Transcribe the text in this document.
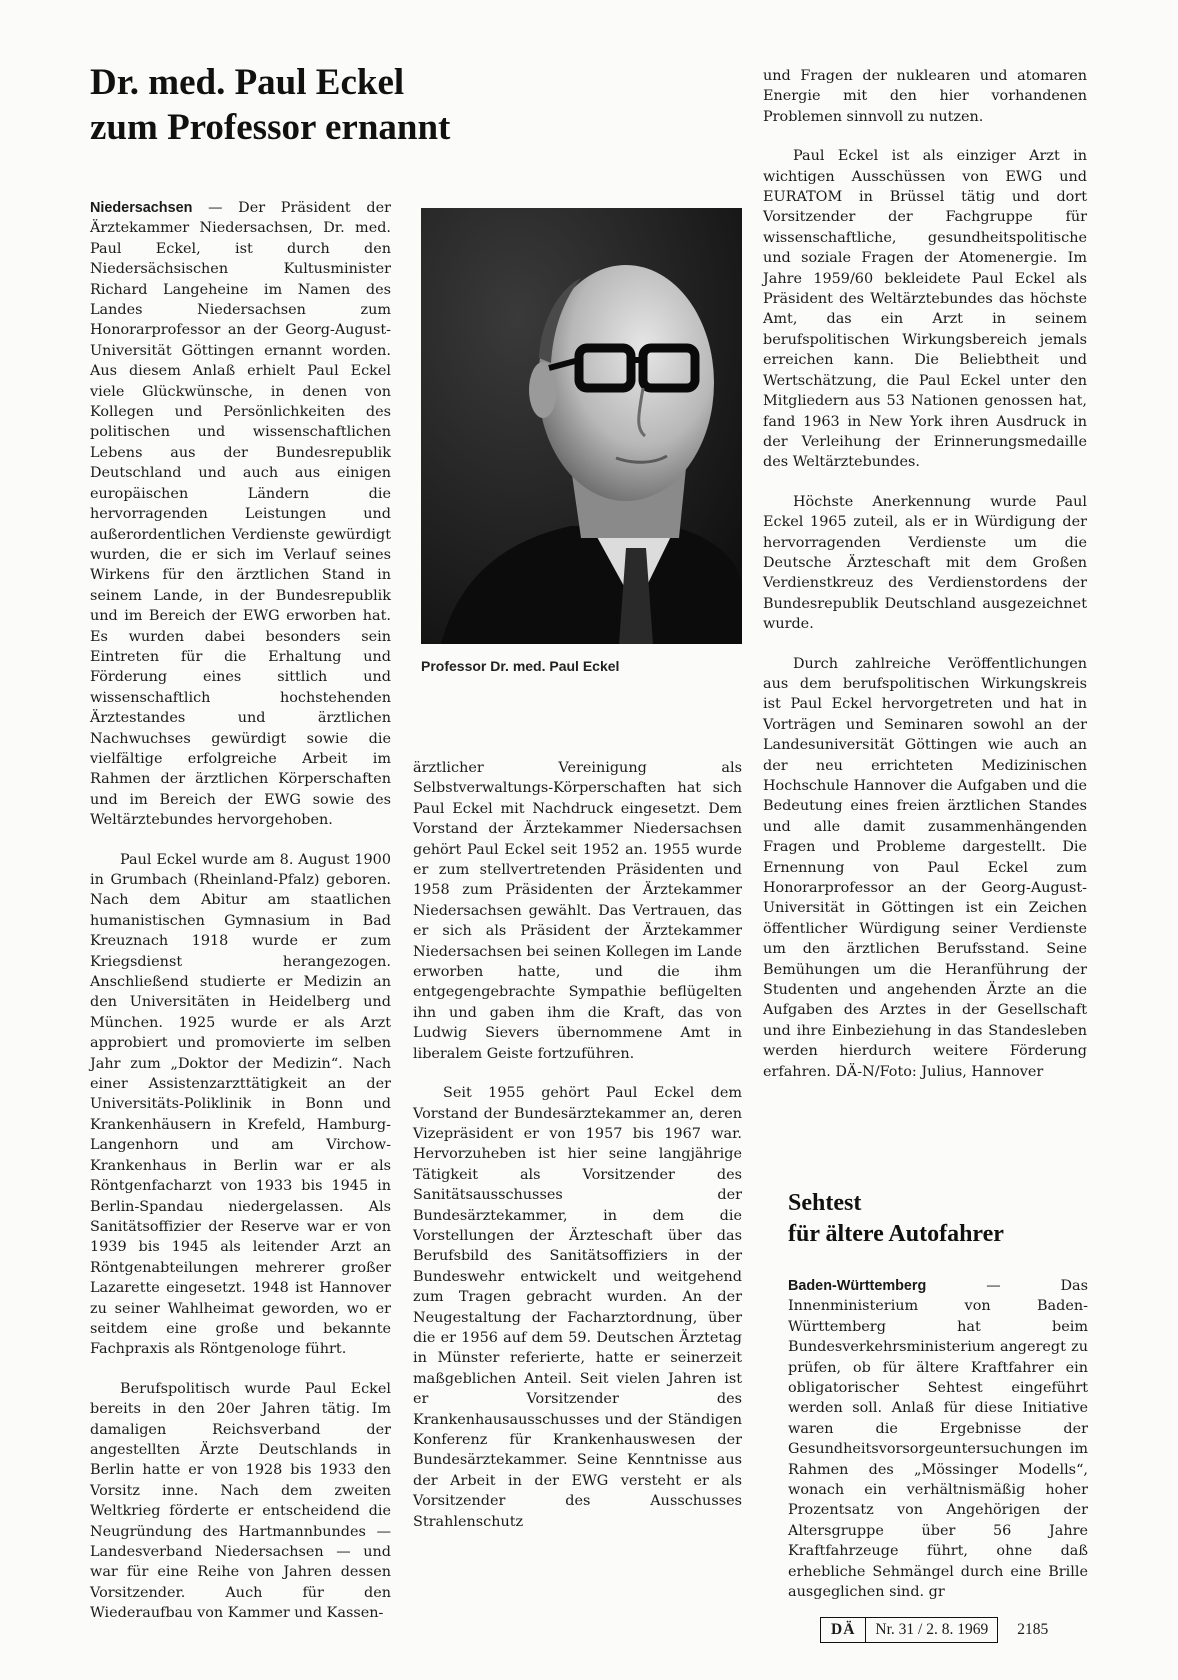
Dr. med. Paul Eckel
zum Professor ernannt

Niedersachsen — Der Präsident der Ärztekammer Niedersachsen, Dr. med. Paul Eckel, ist durch den Niedersächsischen Kultusminister Richard Langeheine im Namen des Landes Niedersachsen zum Honorarprofessor an der Georg-August-Universität Göttingen ernannt worden. Aus diesem Anlaß erhielt Paul Eckel viele Glückwünsche, in denen von Kollegen und Persönlichkeiten des politischen und wissenschaftlichen Lebens aus der Bundesrepublik Deutschland und auch aus einigen europäischen Ländern die hervorragenden Leistungen und außerordentlichen Verdienste gewürdigt wurden, die er sich im Verlauf seines Wirkens für den ärztlichen Stand in seinem Lande, in der Bundesrepublik und im Bereich der EWG erworben hat. Es wurden dabei besonders sein Eintreten für die Erhaltung und Förderung eines sittlich und wissenschaftlich hochstehenden Ärztestandes und ärztlichen Nachwuchses gewürdigt sowie die vielfältige erfolgreiche Arbeit im Rahmen der ärztlichen Körperschaften und im Bereich der EWG sowie des Weltärztebundes hervorgehoben.

Paul Eckel wurde am 8. August 1900 in Grumbach (Rheinland-Pfalz) geboren. Nach dem Abitur am staatlichen humanistischen Gymnasium in Bad Kreuznach 1918 wurde er zum Kriegsdienst herangezogen. Anschließend studierte er Medizin an den Universitäten in Heidelberg und München. 1925 wurde er als Arzt approbiert und promovierte im selben Jahr zum „Doktor der Medizin“. Nach einer Assistenzarzttätigkeit an der Universitäts-Poliklinik in Bonn und Krankenhäusern in Krefeld, Hamburg-Langenhorn und am Virchow-Krankenhaus in Berlin war er als Röntgenfacharzt von 1933 bis 1945 in Berlin-Spandau niedergelassen. Als Sanitätsoffizier der Reserve war er von 1939 bis 1945 als leitender Arzt an Röntgenabteilungen mehrerer großer Lazarette eingesetzt. 1948 ist Hannover zu seiner Wahlheimat geworden, wo er seitdem eine große und bekannte Fachpraxis als Röntgenologe führt.

Berufspolitisch wurde Paul Eckel bereits in den 20er Jahren tätig. Im damaligen Reichsverband der angestellten Ärzte Deutschlands in Berlin hatte er von 1928 bis 1933 den Vorsitz inne. Nach dem zweiten Weltkrieg förderte er entscheidend die Neugründung des Hartmannbundes — Landesverband Niedersachsen — und war für eine Reihe von Jahren dessen Vorsitzender. Auch für den Wiederaufbau von Kammer und Kassen-

Professor Dr. med. Paul Eckel

ärztlicher Vereinigung als Selbstverwaltungs-Körperschaften hat sich Paul Eckel mit Nachdruck eingesetzt. Dem Vorstand der Ärztekammer Niedersachsen gehört Paul Eckel seit 1952 an. 1955 wurde er zum stellvertretenden Präsidenten und 1958 zum Präsidenten der Ärztekammer Niedersachsen gewählt. Das Vertrauen, das er sich als Präsident der Ärztekammer Niedersachsen bei seinen Kollegen im Lande erworben hatte, und die ihm entgegengebrachte Sympathie beflügelten ihn und gaben ihm die Kraft, das von Ludwig Sievers übernommene Amt in liberalem Geiste fortzuführen.

Seit 1955 gehört Paul Eckel dem Vorstand der Bundesärztekammer an, deren Vizepräsident er von 1957 bis 1967 war. Hervorzuheben ist hier seine langjährige Tätigkeit als Vorsitzender des Sanitätsausschusses der Bundesärztekammer, in dem die Vorstellungen der Ärzteschaft über das Berufsbild des Sanitätsoffiziers in der Bundeswehr entwickelt und weitgehend zum Tragen gebracht wurden. An der Neugestaltung der Facharztordnung, über die er 1956 auf dem 59. Deutschen Ärztetag in Münster referierte, hatte er seinerzeit maßgeblichen Anteil. Seit vielen Jahren ist er Vorsitzender des Krankenhausausschusses und der Ständigen Konferenz für Krankenhauswesen der Bundesärztekammer. Seine Kenntnisse aus der Arbeit in der EWG versteht er als Vorsitzender des Ausschusses Strahlenschutz

und Fragen der nuklearen und atomaren Energie mit den hier vorhandenen Problemen sinnvoll zu nutzen.

Paul Eckel ist als einziger Arzt in wichtigen Ausschüssen von EWG und EURATOM in Brüssel tätig und dort Vorsitzender der Fachgruppe für wissenschaftliche, gesundheitspolitische und soziale Fragen der Atomenergie. Im Jahre 1959/60 bekleidete Paul Eckel als Präsident des Weltärztebundes das höchste Amt, das ein Arzt in seinem berufspolitischen Wirkungsbereich jemals erreichen kann. Die Beliebtheit und Wertschätzung, die Paul Eckel unter den Mitgliedern aus 53 Nationen genossen hat, fand 1963 in New York ihren Ausdruck in der Verleihung der Erinnerungsmedaille des Weltärztebundes.

Höchste Anerkennung wurde Paul Eckel 1965 zuteil, als er in Würdigung der hervorragenden Verdienste um die Deutsche Ärzteschaft mit dem Großen Verdienstkreuz des Verdienstordens der Bundesrepublik Deutschland ausgezeichnet wurde.

Durch zahlreiche Veröffentlichungen aus dem berufspolitischen Wirkungskreis ist Paul Eckel hervorgetreten und hat in Vorträgen und Seminaren sowohl an der Landesuniversität Göttingen wie auch an der neu errichteten Medizinischen Hochschule Hannover die Aufgaben und die Bedeutung eines freien ärztlichen Standes und alle damit zusammenhängenden Fragen und Probleme dargestellt. Die Ernennung von Paul Eckel zum Honorarprofessor an der Georg-August-Universität in Göttingen ist ein Zeichen öffentlicher Würdigung seiner Verdienste um den ärztlichen Berufsstand. Seine Bemühungen um die Heranführung der Studenten und angehenden Ärzte an die Aufgaben des Arztes in der Gesellschaft und ihre Einbeziehung in das Standesleben werden hierdurch weitere Förderung erfahren. DÄ-N/Foto: Julius, Hannover

Sehtest
für ältere Autofahrer

Baden-Württemberg	— Das Innenministerium von Baden-Württemberg hat beim Bundesverkehrsministerium angeregt zu prüfen, ob für ältere Kraftfahrer ein obligatorischer Sehtest eingeführt werden soll. Anlaß für diese Initiative waren die Ergebnisse der Gesundheitsvorsorgeuntersuchungen im Rahmen des „Mössinger Modells“, wonach ein verhältnismäßig hoher Prozentsatz von Angehörigen der Altersgruppe über 56 Jahre Kraftfahrzeuge führt, ohne daß erhebliche Sehmängel durch eine Brille ausgeglichen sind. gr

DÄ	Nr. 31 / 2. 8. 1969	2185
